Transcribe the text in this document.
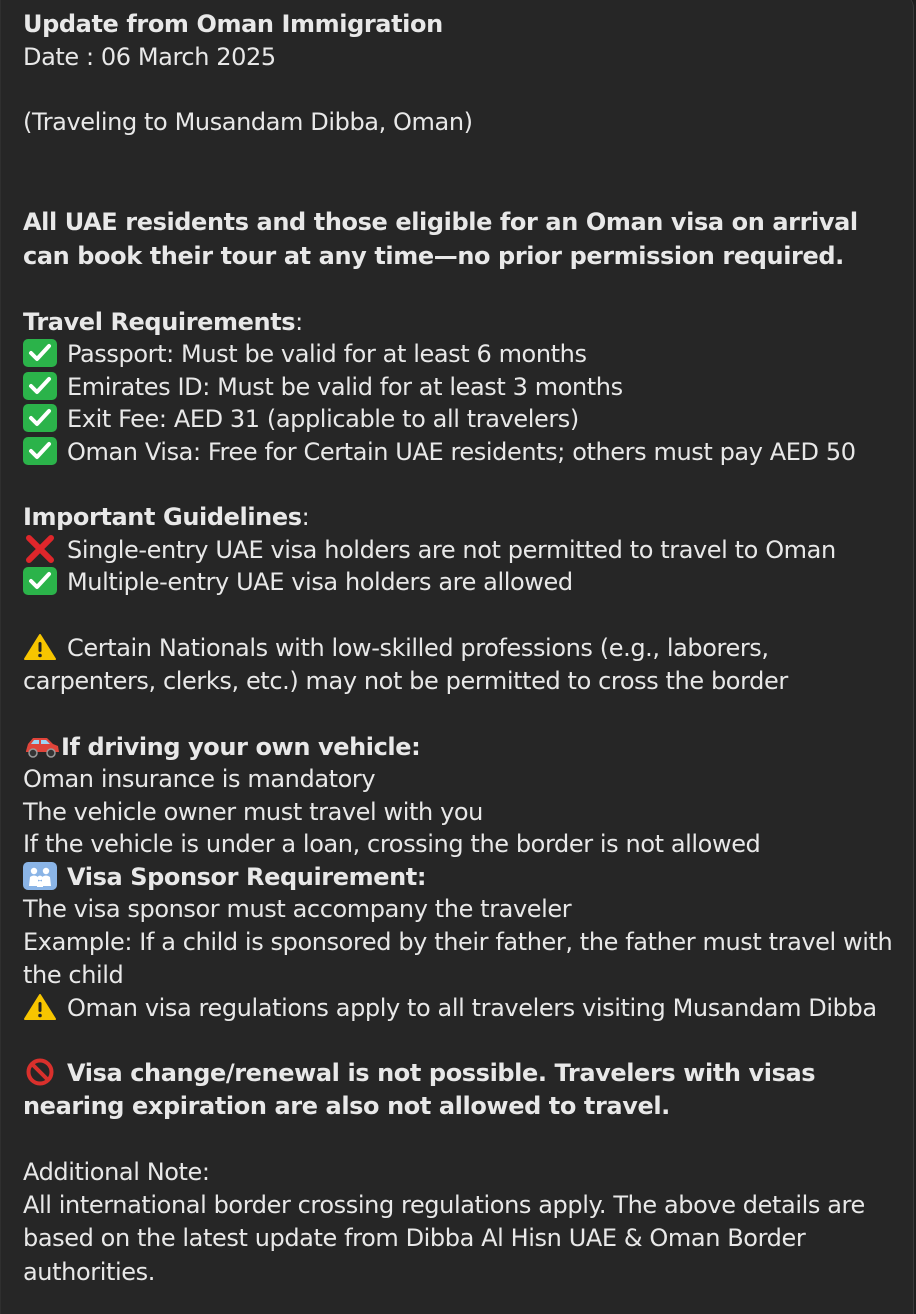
Update from Oman Immigration
Date : 06 March 2025
(Traveling to Musandam Dibba, Oman)
All UAE residents and those eligible for an Oman visa on arrival can book their tour at any time—no prior permission required.
Travel Requirements:
Passport: Must be valid for at least 6 months
Emirates ID: Must be valid for at least 3 months
Exit Fee: AED 31 (applicable to all travelers)
Oman Visa: Free for Certain UAE residents; others must pay AED 50
Important Guidelines:
Single-entry UAE visa holders are not permitted to travel to Oman
Multiple-entry UAE visa holders are allowed
Certain Nationals with low-skilled professions (e.g., laborers, carpenters, clerks, etc.) may not be permitted to cross the border
If driving your own vehicle:
Oman insurance is mandatory
The vehicle owner must travel with you
If the vehicle is under a loan, crossing the border is not allowed
Visa Sponsor Requirement:
The visa sponsor must accompany the traveler
Example: If a child is sponsored by their father, the father must travel with the child
Oman visa regulations apply to all travelers visiting Musandam Dibba
Visa change/renewal is not possible. Travelers with visas nearing expiration are also not allowed to travel.
Additional Note:
All international border crossing regulations apply. The above details are based on the latest update from Dibba Al Hisn UAE & Oman Border authorities.
